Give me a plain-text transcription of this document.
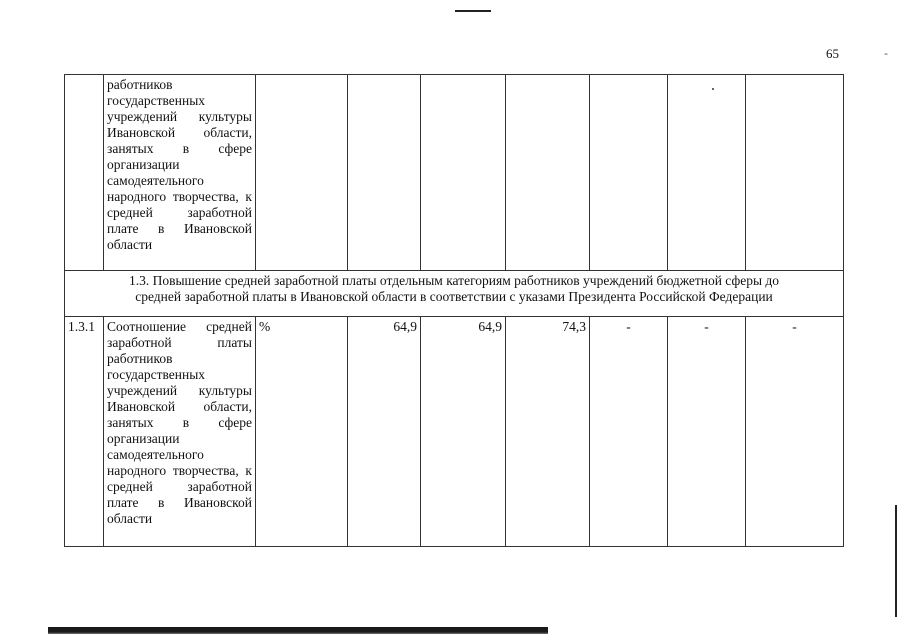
65	-
	работников государственных учреждений культуры Ивановской области, занятых в сфере организации самодеятельного народного творчества, к средней заработной плате в Ивановской области							

1.3. Повышение средней заработной платы отдельным категориям работников учреждений бюджетной сферы до
средней заработной платы в Ивановской области в соответствии с указами Президента Российской Федерации								

1.3.1	Соотношение средней заработной платы работников государственных учреждений культуры Ивановской области, занятых в сфере организации самодеятельного народного творчества, к средней заработной плате в Ивановской области	%	64,9	64,9	74,3	-	-	-
